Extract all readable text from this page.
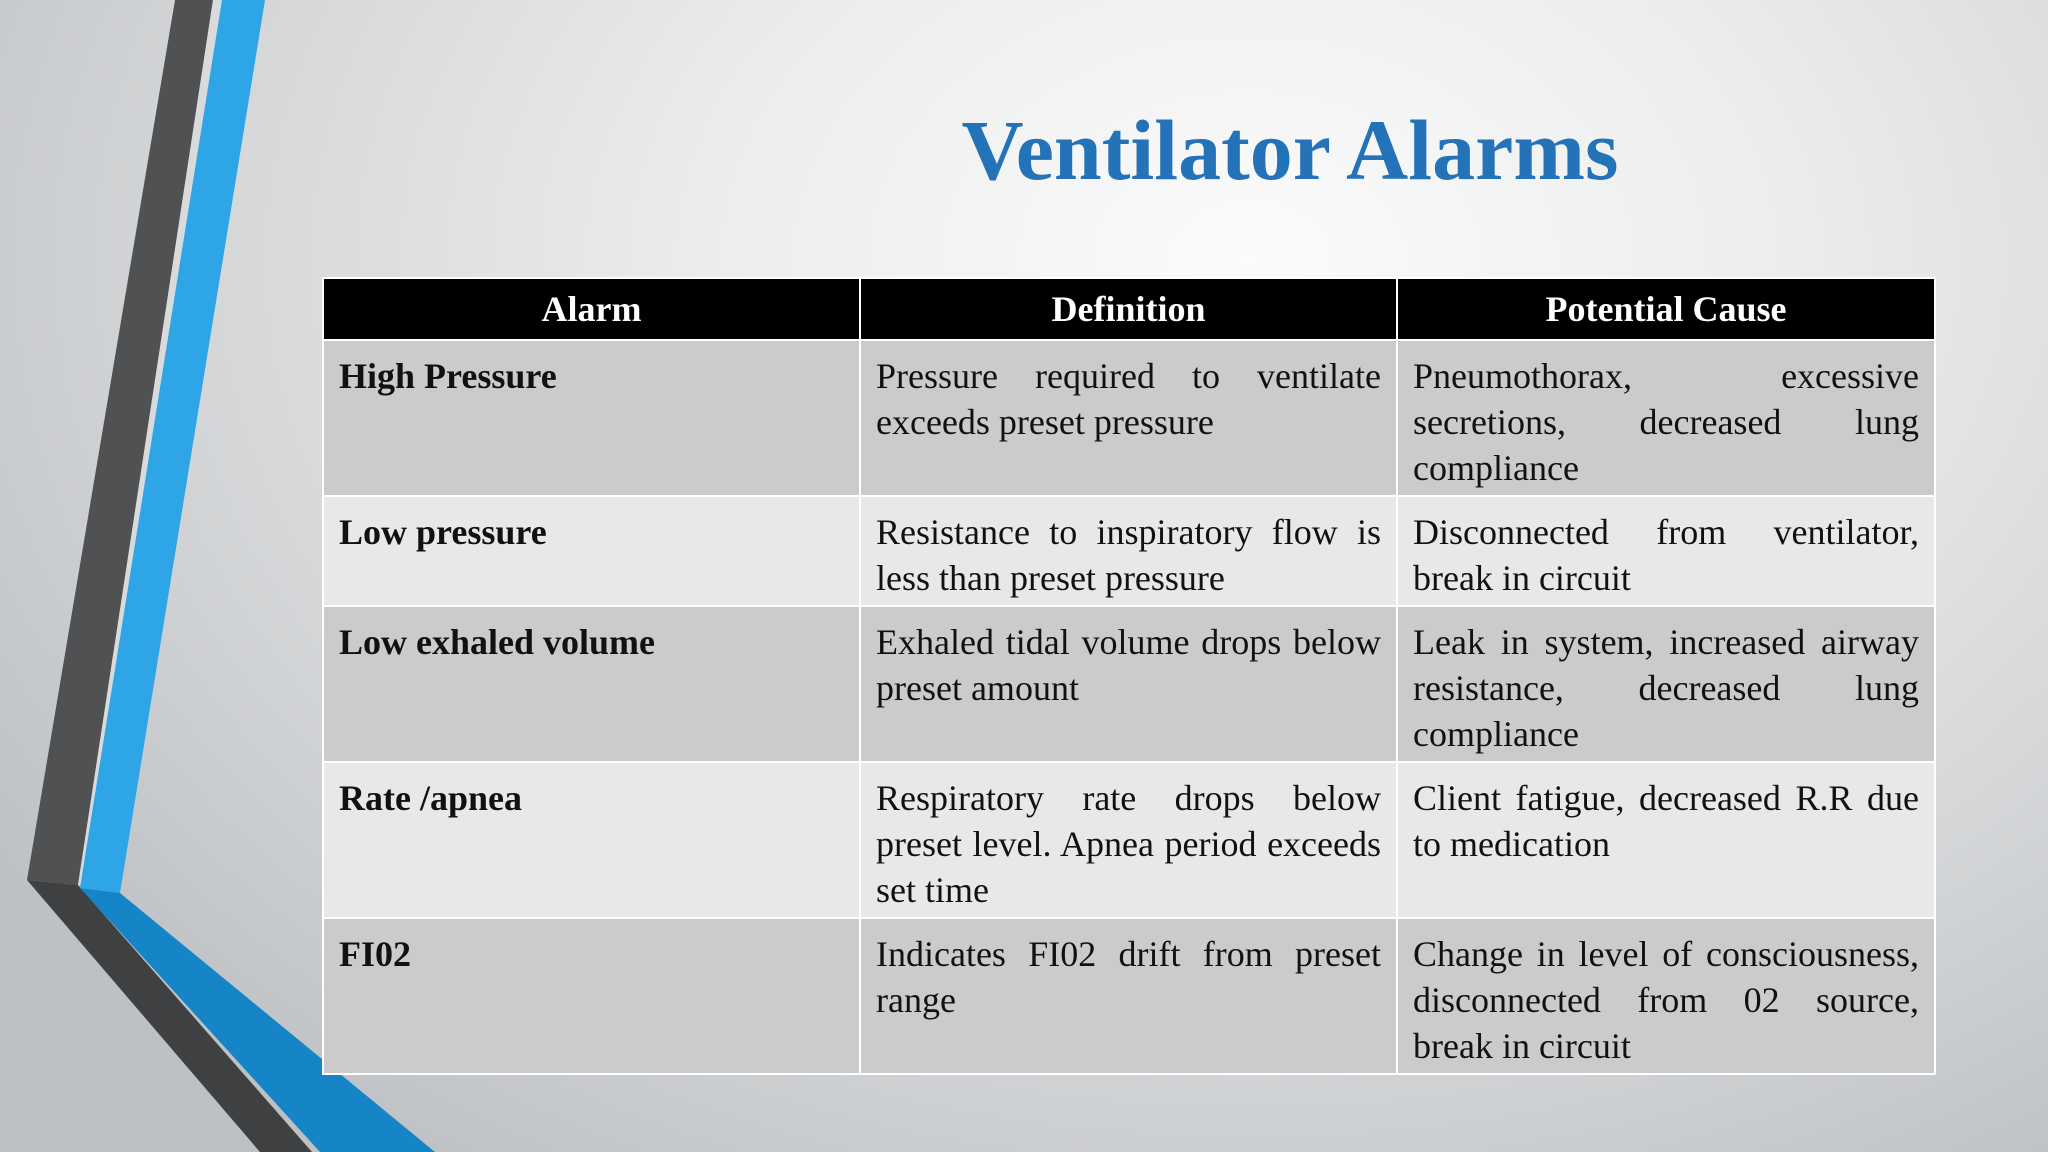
Ventilator Alarms
Alarm	Definition	Potential Cause
High Pressure	Pressure required to ventilate exceeds preset pressure	Pneumothorax, excessive secretions, decreased lung compliance
Low pressure	Resistance to inspiratory flow is less than preset pressure	Disconnected from ventilator, break in circuit
Low exhaled volume	Exhaled tidal volume drops below preset amount	Leak in system, increased airway resistance, decreased lung compliance
Rate /apnea	Respiratory rate drops below preset level. Apnea period exceeds set time	Client fatigue, decreased R.R due to medication
FI02	Indicates FI02 drift from preset range	Change in level of consciousness, disconnected from 02 source, break in circuit
